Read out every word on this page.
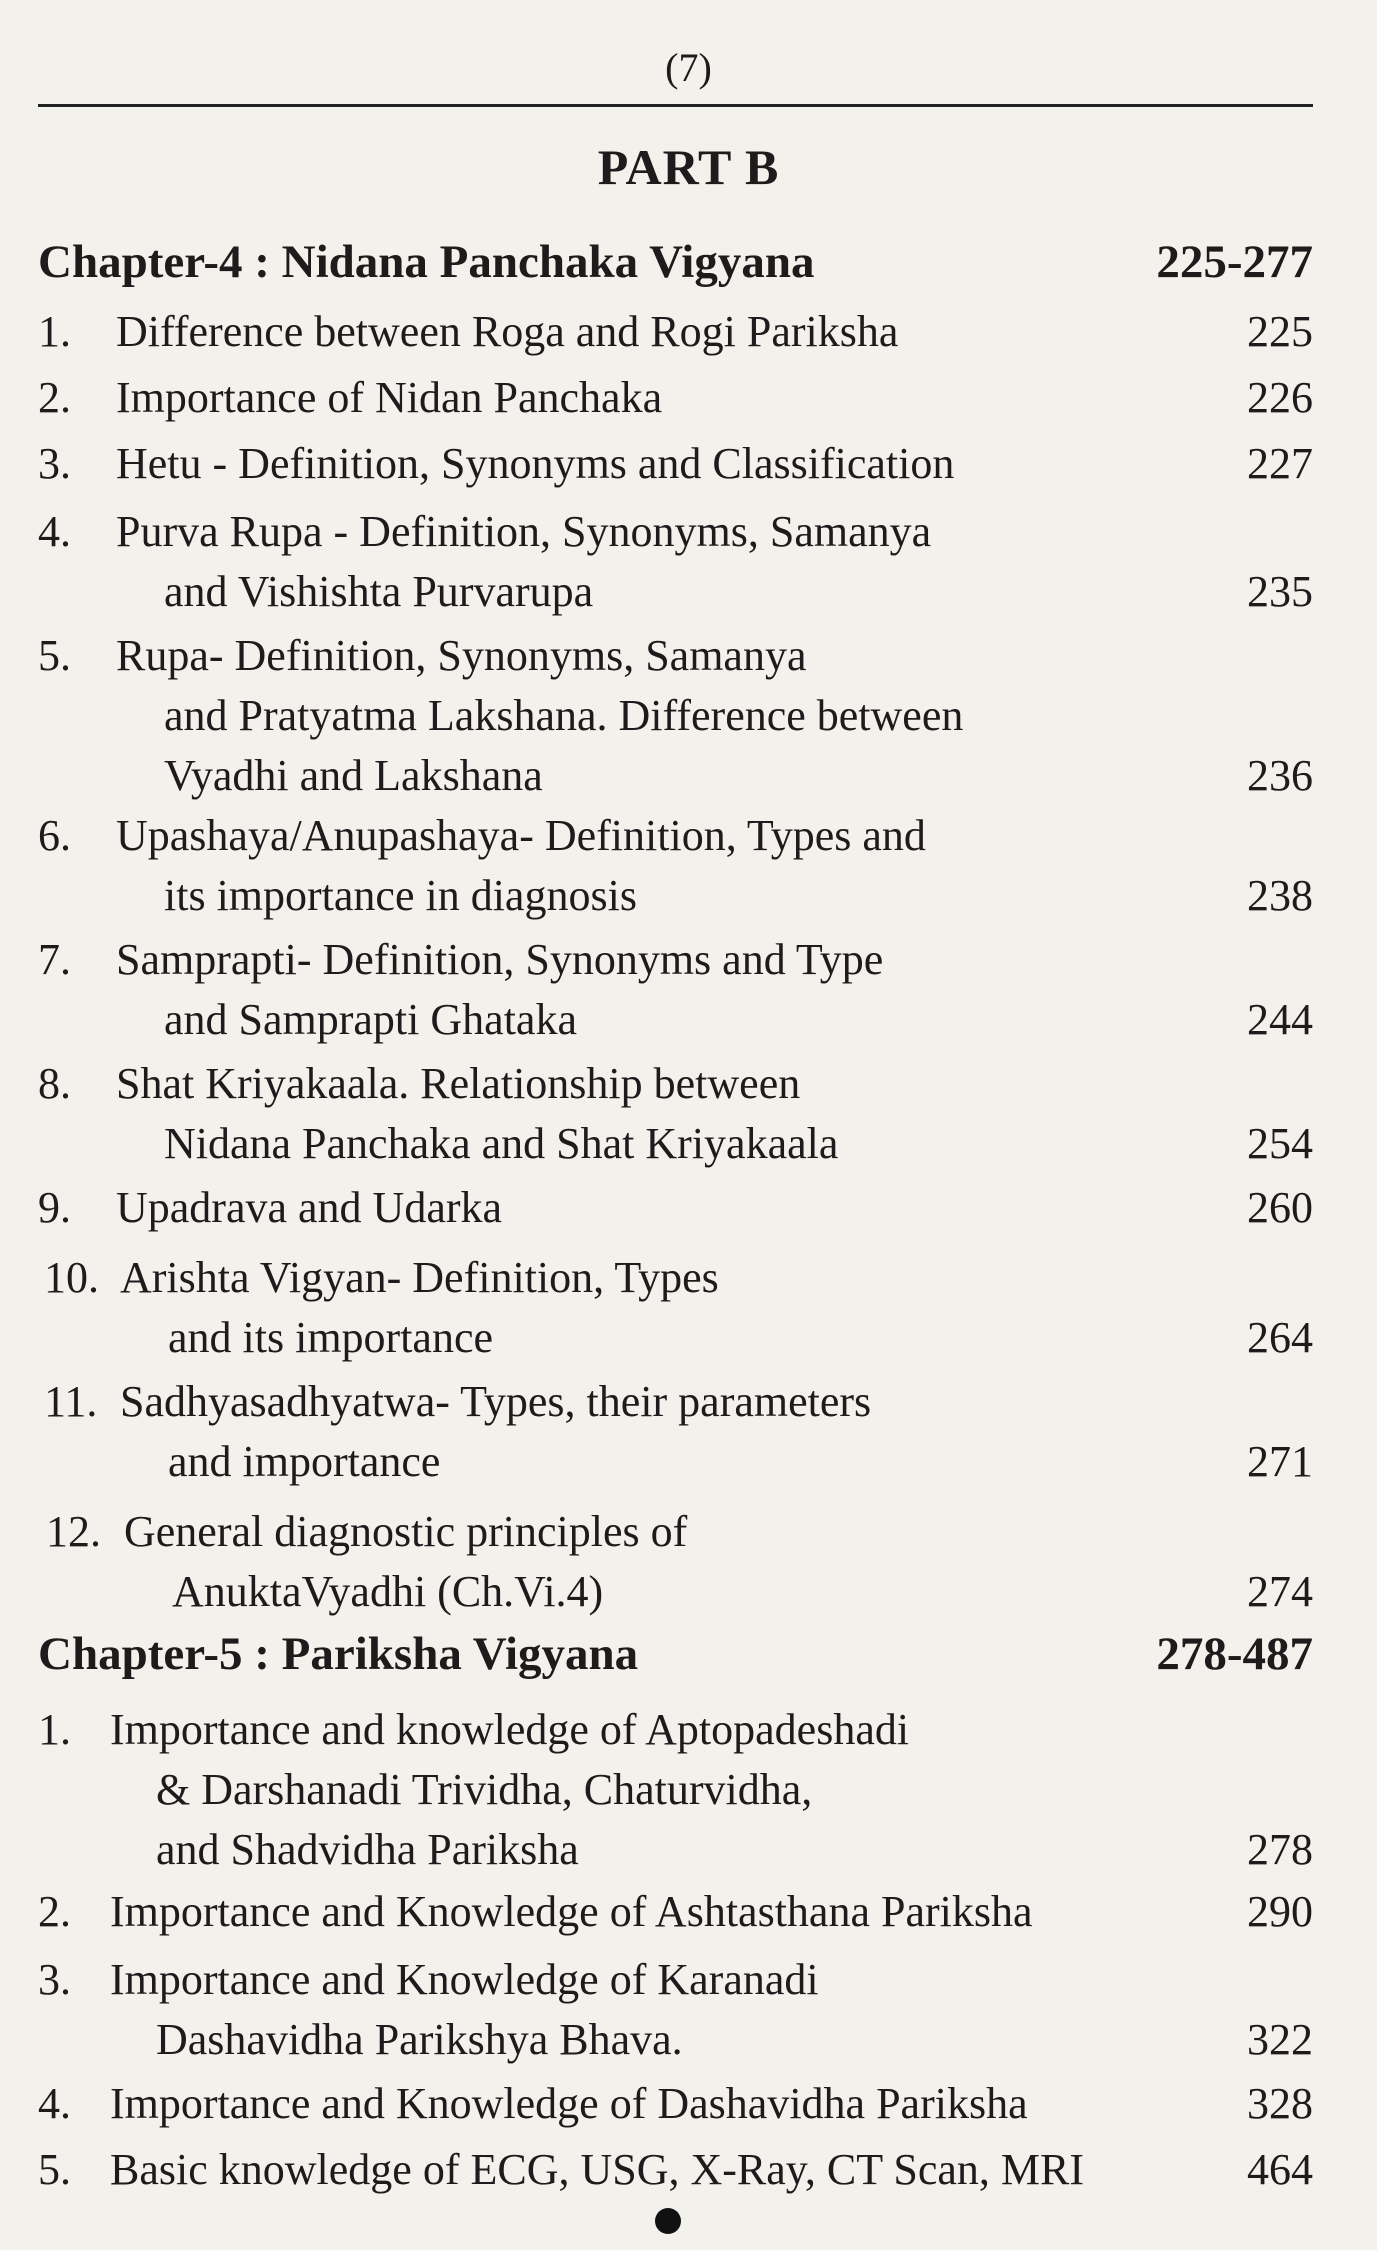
(7)
PART B
Chapter-4 : Nidana Panchaka Vigyana	225-277
1. Difference between Roga and Rogi Pariksha	225
2. Importance of Nidan Panchaka	226
3. Hetu - Definition, Synonyms and Classification	227
4. Purva Rupa - Definition, Synonyms, Samanya
and Vishishta Purvarupa	235
5. Rupa- Definition, Synonyms, Samanya
and Pratyatma Lakshana. Difference between
Vyadhi and Lakshana	236
6. Upashaya/Anupashaya- Definition, Types and
its importance in diagnosis	238
7. Samprapti- Definition, Synonyms and Type
and Samprapti Ghataka	244
8. Shat Kriyakaala. Relationship between
Nidana Panchaka and Shat Kriyakaala	254
9. Upadrava and Udarka	260
10. Arishta Vigyan- Definition, Types
and its importance	264
11. Sadhyasadhyatwa- Types, their parameters
and importance	271
12. General diagnostic principles of
AnuktaVyadhi (Ch.Vi.4)	274
Chapter-5 : Pariksha Vigyana	278-487
1. Importance and knowledge of Aptopadeshadi
& Darshanadi Trividha, Chaturvidha,
and Shadvidha Pariksha	278
2. Importance and Knowledge of Ashtasthana Pariksha	290
3. Importance and Knowledge of Karanadi
Dashavidha Parikshya Bhava.	322
4. Importance and Knowledge of Dashavidha Pariksha	328
5. Basic knowledge of ECG, USG, X-Ray, CT Scan, MRI	464
